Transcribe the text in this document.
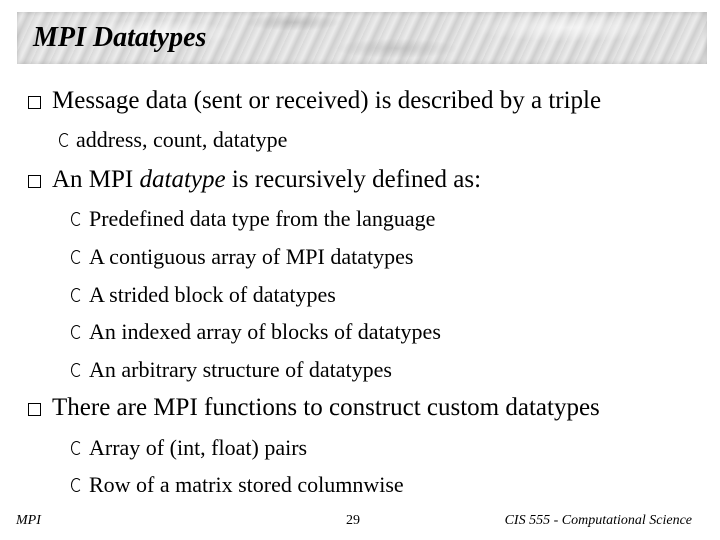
MPI Datatypes
Message data (sent or received) is described by a triple
address, count, datatype
An MPI datatype is recursively defined as:
Predefined data type from the language
A contiguous array of MPI datatypes
A strided block of datatypes
An indexed array of blocks of datatypes
An arbitrary structure of datatypes
There are MPI functions to construct custom datatypes
Array of (int, float) pairs
Row of a matrix stored columnwise
MPI	29	CIS 555 - Computational Science
